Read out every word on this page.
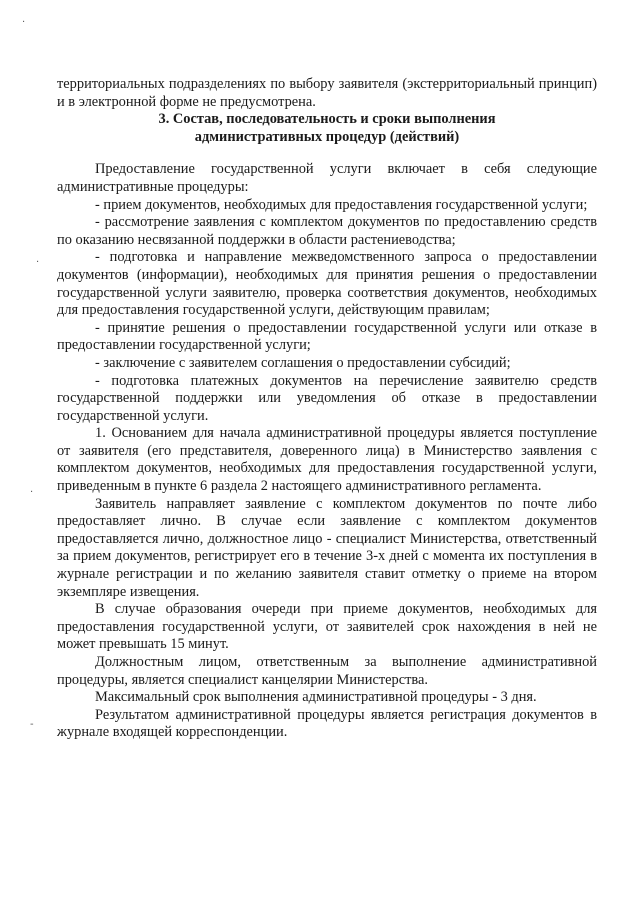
·
·
·
-

территориальных подразделениях по выбору заявителя (экстерриториальный принцип) и в электронной форме не предусмотрена.

3. Состав, последовательность и сроки выполнения

административных процедур (действий)

Предоставление государственной услуги включает в себя следующие административные процедуры:

- прием документов, необходимых для предоставления государственной услуги;

- рассмотрение заявления с комплектом документов по предоставлению средств по оказанию несвязанной поддержки в области растениеводства;

- подготовка и направление межведомственного запроса о предоставлении документов (информации), необходимых для принятия решения о предоставлении государственной услуги заявителю, проверка соответствия документов, необходимых для предоставления государственной услуги, действующим правилам;

- принятие решения о предоставлении государственной услуги или отказе в предоставлении государственной услуги;

- заключение с заявителем соглашения о предоставлении субсидий;

- подготовка платежных документов на перечисление заявителю средств государственной поддержки или уведомления об отказе в предоставлении государственной услуги.

1. Основанием для начала административной процедуры является поступление от заявителя (его представителя, доверенного лица) в Министерство заявления с комплектом документов, необходимых для предоставления государственной услуги, приведенным в пункте 6 раздела 2 настоящего административного регламента.

Заявитель направляет заявление с комплектом документов по почте либо предоставляет лично. В случае если заявление с комплектом документов предоставляется лично, должностное лицо - специалист Министерства, ответственный за прием документов, регистрирует его в течение 3-х дней с момента их поступления в журнале регистрации и по желанию заявителя ставит отметку о приеме на втором экземпляре извещения.

В случае образования очереди при приеме документов, необходимых для предоставления государственной услуги, от заявителей срок нахождения в ней не может превышать 15 минут.

Должностным лицом, ответственным за выполнение административной процедуры, является специалист канцелярии Министерства.

Максимальный срок выполнения административной процедуры - 3 дня.

Результатом административной процедуры является регистрация документов в журнале входящей корреспонденции.
